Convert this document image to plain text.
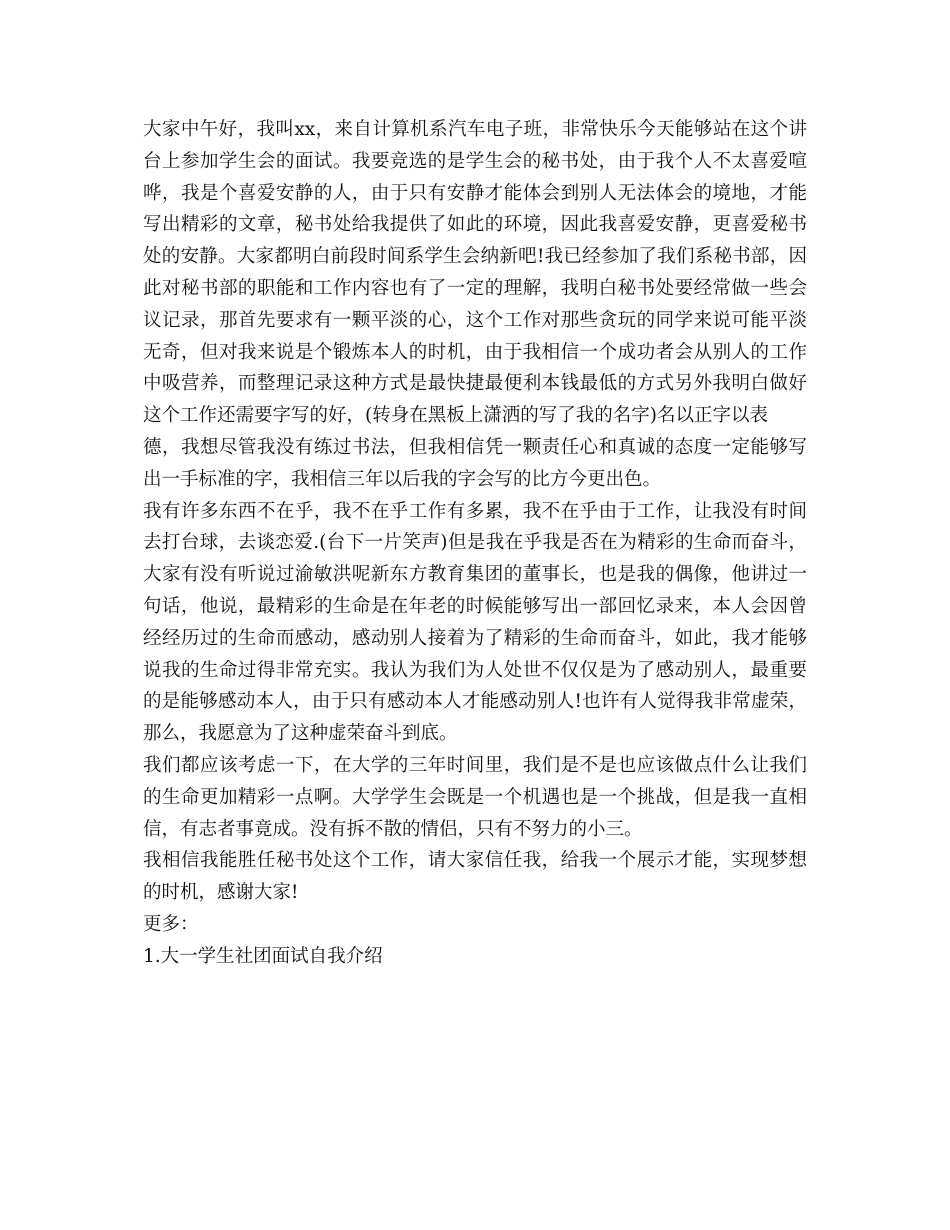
大家中午好，我叫xx，来自计算机系汽车电子班，非常快乐今天能够站在这个讲
台上参加学生会的面试。我要竞选的是学生会的秘书处，由于我个人不太喜爱喧
哗，我是个喜爱安静的人，由于只有安静才能体会到别人无法体会的境地，才能
写出精彩的文章，秘书处给我提供了如此的环境，因此我喜爱安静，更喜爱秘书
处的安静。大家都明白前段时间系学生会纳新吧!我已经参加了我们系秘书部，因
此对秘书部的职能和工作内容也有了一定的理解，我明白秘书处要经常做一些会
议记录，那首先要求有一颗平淡的心，这个工作对那些贪玩的同学来说可能平淡
无奇，但对我来说是个锻炼本人的时机，由于我相信一个成功者会从别人的工作
中吸营养，而整理记录这种方式是最快捷最便利本钱最低的方式另外我明白做好
这个工作还需要字写的好，(转身在黑板上潇洒的写了我的名字)名以正字以表
德，我想尽管我没有练过书法，但我相信凭一颗责任心和真诚的态度一定能够写
出一手标准的字，我相信三年以后我的字会写的比方今更出色。
我有许多东西不在乎，我不在乎工作有多累，我不在乎由于工作，让我没有时间
去打台球，去谈恋爱.(台下一片笑声)但是我在乎我是否在为精彩的生命而奋斗，
大家有没有听说过渝敏洪呢新东方教育集团的董事长，也是我的偶像，他讲过一
句话，他说，最精彩的生命是在年老的时候能够写出一部回忆录来，本人会因曾
经经历过的生命而感动，感动别人接着为了精彩的生命而奋斗，如此，我才能够
说我的生命过得非常充实。我认为我们为人处世不仅仅是为了感动别人，最重要
的是能够感动本人，由于只有感动本人才能感动别人!也许有人觉得我非常虚荣，
那么，我愿意为了这种虚荣奋斗到底。
我们都应该考虑一下，在大学的三年时间里，我们是不是也应该做点什么让我们
的生命更加精彩一点啊。大学学生会既是一个机遇也是一个挑战，但是我一直相
信，有志者事竟成。没有拆不散的情侣，只有不努力的小三。
我相信我能胜任秘书处这个工作，请大家信任我，给我一个展示才能，实现梦想
的时机，感谢大家!
更多：
1.大一学生社团面试自我介绍
